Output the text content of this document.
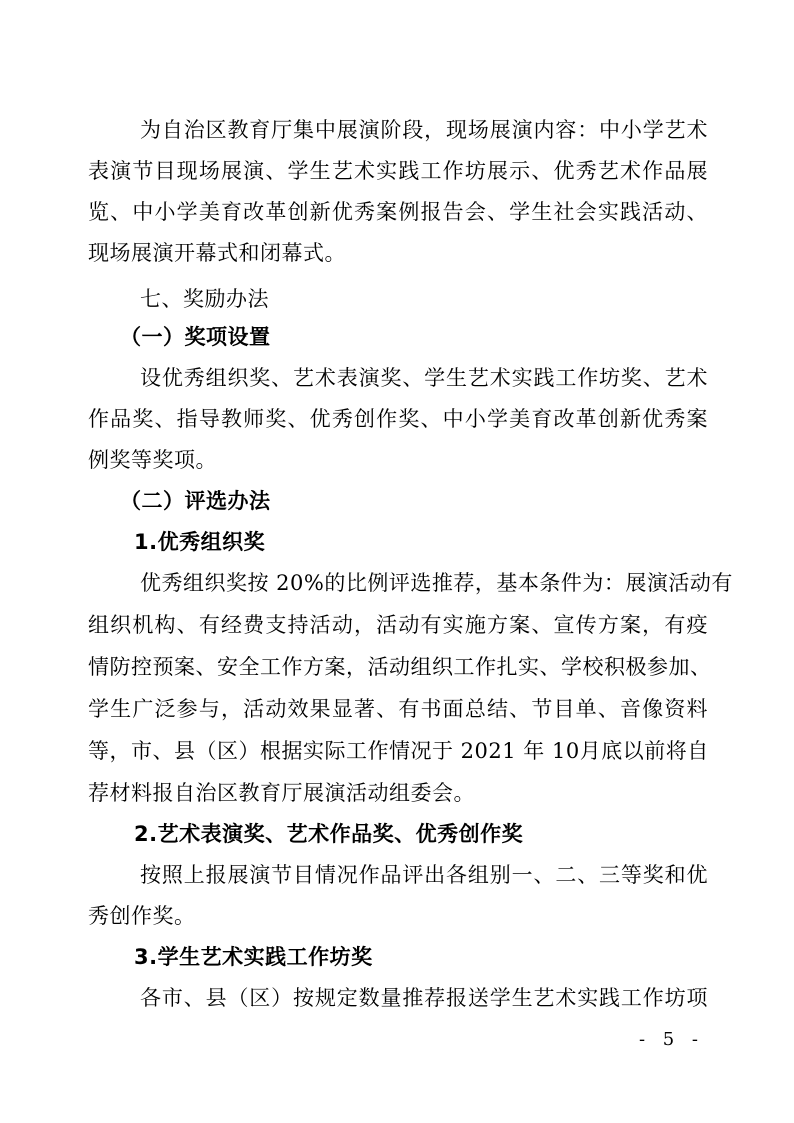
为自治区教育厅集中展演阶段，现场展演内容：中小学艺术
表演节目现场展演、学生艺术实践工作坊展示、优秀艺术作品展
览、中小学美育改革创新优秀案例报告会、学生社会实践活动、
现场展演开幕式和闭幕式。
七、奖励办法
（一）奖项设置
设优秀组织奖、艺术表演奖、学生艺术实践工作坊奖、艺术
作品奖、指导教师奖、优秀创作奖、中小学美育改革创新优秀案
例奖等奖项。
（二）评选办法
1.优秀组织奖
优秀组织奖按 20%的比例评选推荐，基本条件为：展演活动有
组织机构、有经费支持活动，活动有实施方案、宣传方案，有疫
情防控预案、安全工作方案，活动组织工作扎实、学校积极参加、
学生广泛参与，活动效果显著、有书面总结、节目单、音像资料
等，市、县（区）根据实际工作情况于 2021 年 10月底以前将自
荐材料报自治区教育厅展演活动组委会。
2.艺术表演奖、艺术作品奖、优秀创作奖
按照上报展演节目情况作品评出各组别一、二、三等奖和优
秀创作奖。
3.学生艺术实践工作坊奖
各市、县（区）按规定数量推荐报送学生艺术实践工作坊项
- 5 -
